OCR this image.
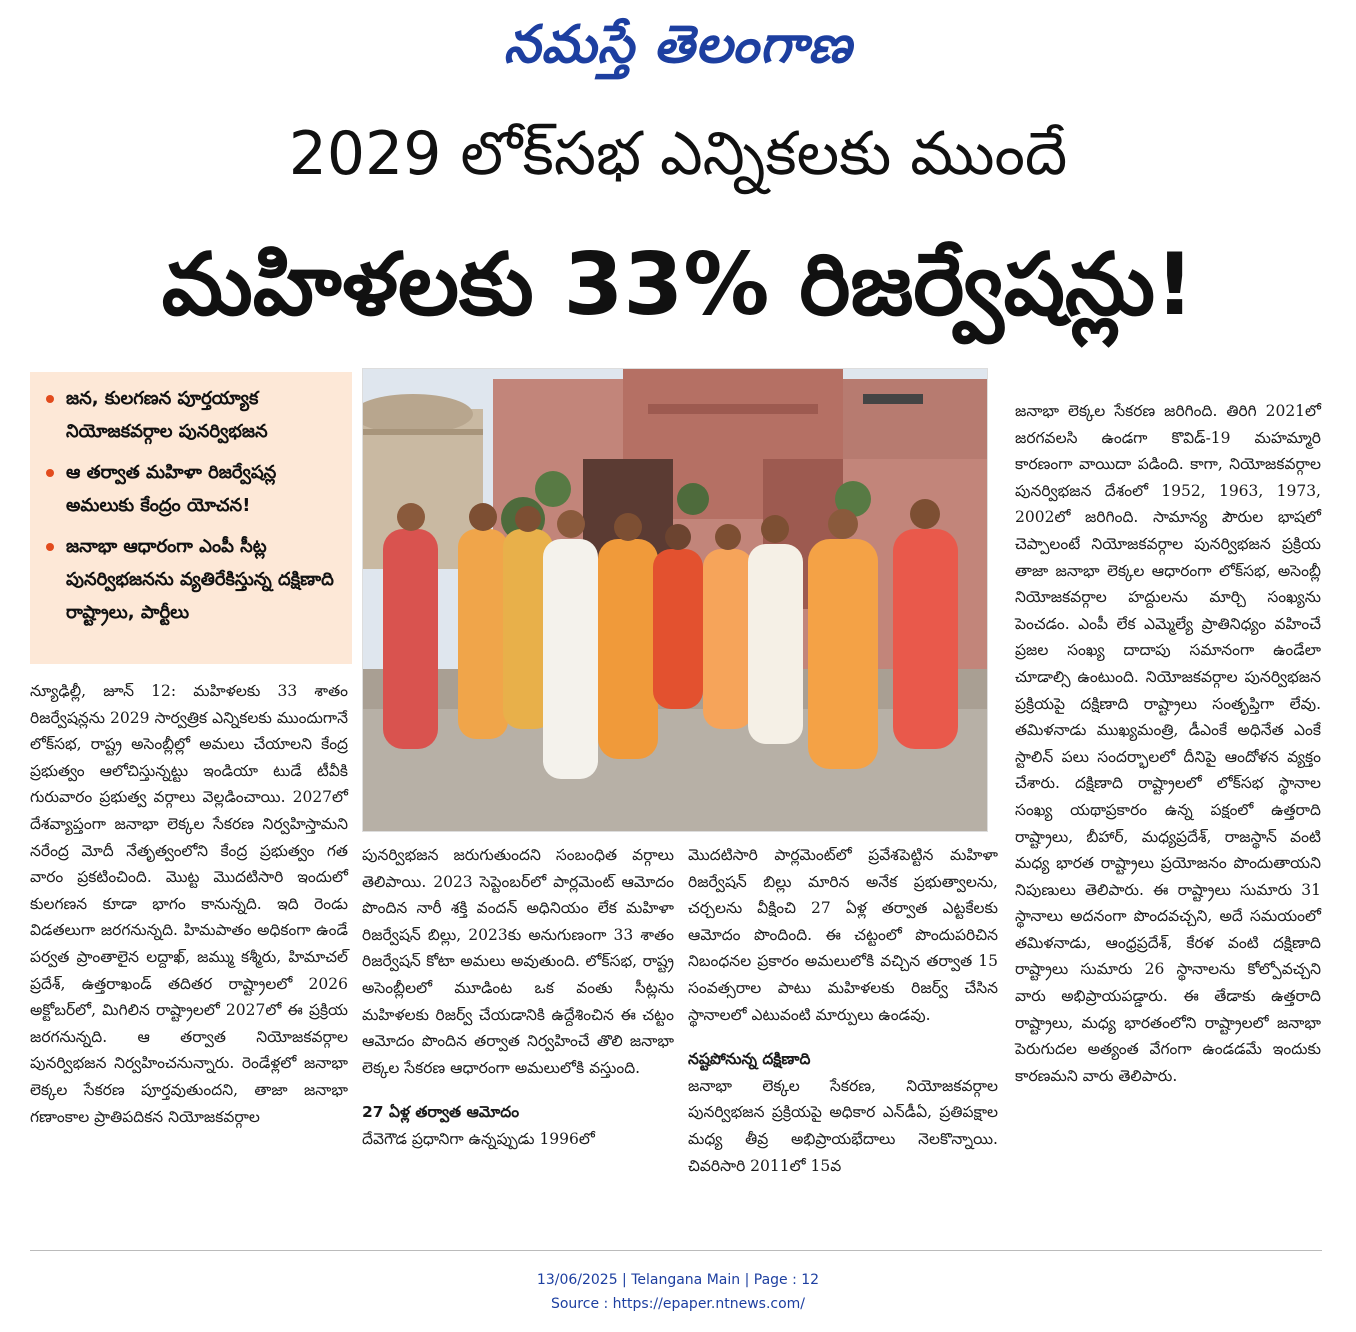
నమస్తే తెలంగాణ
2029 లోక్‌సభ ఎన్నికలకు ముందే
మహిళలకు 33% రిజర్వేషన్లు!
జన, కులగణన పూర్తయ్యాక నియోజకవర్గాల పునర్విభజన
ఆ తర్వాత మహిళా రిజర్వేషన్ల అమలుకు కేంద్రం యోచన!
జనాభా ఆధారంగా ఎంపీ సీట్ల పునర్విభజనను వ్యతిరేకిస్తున్న దక్షిణాది రాష్ట్రాలు, పార్టీలు

న్యూఢిల్లీ, జూన్ 12: మహిళలకు 33 శాతం రిజర్వేషన్లను 2029 సార్వత్రిక ఎన్నికలకు ముందుగానే లోక్‌సభ, రాష్ట్ర అసెంబ్లీల్లో అమలు చేయాలని కేంద్ర ప్రభుత్వం ఆలోచిస్తున్నట్టు ఇండియా టుడే టీవీకి గురువారం ప్రభుత్వ వర్గాలు వెల్లడించాయి. 2027లో దేశవ్యాప్తంగా జనాభా లెక్కల సేకరణ నిర్వహిస్తామని నరేంద్ర మోదీ నేతృత్వంలోని కేంద్ర ప్రభుత్వం గత వారం ప్రకటించింది. మొట్ట మొదటిసారి ఇందులో కులగణన కూడా భాగం కానున్నది. ఇది రెండు విడతలుగా జరగనున్నది. హిమపాతం అధికంగా ఉండే పర్వత ప్రాంతాలైన లద్దాఖ్, జమ్ము కశ్మీరు, హిమాచల్ ప్రదేశ్, ఉత్తరాఖండ్ తదితర రాష్ట్రాలలో 2026 అక్టోబర్‌లో, మిగిలిన రాష్ట్రాలలో 2027లో ఈ ప్రక్రియ జరగనున్నది. ఆ తర్వాత నియోజకవర్గాల పునర్విభజన నిర్వహించనున్నారు. రెండేళ్లలో జనాభా లెక్కల సేకరణ పూర్తవుతుందని, తాజా జనాభా గణాంకాల ప్రాతిపదికన నియోజకవర్గాల

పునర్విభజన జరుగుతుందని సంబంధిత వర్గాలు తెలిపాయి. 2023 సెప్టెంబర్‌లో పార్లమెంట్ ఆమోదం పొందిన నారీ శక్తి వందన్ అధినియం లేక మహిళా రిజర్వేషన్ బిల్లు, 2023కు అనుగుణంగా 33 శాతం రిజర్వేషన్ కోటా అమలు అవుతుంది. లోక్‌సభ, రాష్ట్ర అసెంబ్లీలలో మూడింట ఒక వంతు సీట్లను మహిళలకు రిజర్వ్ చేయడానికి ఉద్దేశించిన ఈ చట్టం ఆమోదం పొందిన తర్వాత నిర్వహించే తొలి జనాభా లెక్కల సేకరణ ఆధారంగా అమలులోకి వస్తుంది.

27 ఏళ్ల తర్వాత ఆమోదం

దేవెగౌడ ప్రధానిగా ఉన్నప్పుడు 1996లో

మొదటిసారి పార్లమెంట్‌లో ప్రవేశపెట్టిన మహిళా రిజర్వేషన్ బిల్లు మారిన అనేక ప్రభుత్వాలను, చర్చలను వీక్షించి 27 ఏళ్ల తర్వాత ఎట్టకేలకు ఆమోదం పొందింది. ఈ చట్టంలో పొందుపరిచిన నిబంధనల ప్రకారం అమలులోకి వచ్చిన తర్వాత 15 సంవత్సరాల పాటు మహిళలకు రిజర్వ్ చేసిన స్థానాలలో ఎటువంటి మార్పులు ఉండవు.

నష్టపోనున్న దక్షిణాది

జనాభా లెక్కల సేకరణ, నియోజకవర్గాల పునర్విభజన ప్రక్రియపై అధికార ఎన్‌డీఏ, ప్రతిపక్షాల మధ్య తీవ్ర అభిప్రాయభేదాలు నెలకొన్నాయి. చివరిసారి 2011లో 15వ

జనాభా లెక్కల సేకరణ జరిగింది. తిరిగి 2021లో జరగవలసి ఉండగా కొవిడ్-19 మహమ్మారి కారణంగా వాయిదా పడింది. కాగా, నియోజకవర్గాల పునర్విభజన దేశంలో 1952, 1963, 1973, 2002లో జరిగింది. సామాన్య పౌరుల భాషలో చెప్పాలంటే నియోజకవర్గాల పునర్విభజన ప్రక్రియ తాజా జనాభా లెక్కల ఆధారంగా లోక్‌సభ, అసెంబ్లీ నియోజకవర్గాల హద్దులను మార్చి సంఖ్యను పెంచడం. ఎంపీ లేక ఎమ్మెల్యే ప్రాతినిధ్యం వహించే ప్రజల సంఖ్య దాదాపు సమానంగా ఉండేలా చూడాల్సి ఉంటుంది. నియోజకవర్గాల పునర్విభజన ప్రక్రియపై దక్షిణాది రాష్ట్రాలు సంతృప్తిగా లేవు. తమిళనాడు ముఖ్యమంత్రి, డీఎంకే అధినేత ఎంకే స్టాలిన్ పలు సందర్భాలలో దీనిపై ఆందోళన వ్యక్తం చేశారు. దక్షిణాది రాష్ట్రాలలో లోక్‌సభ స్థానాల సంఖ్య యథాప్రకారం ఉన్న పక్షంలో ఉత్తరాది రాష్ట్రాలు, బీహార్, మధ్యప్రదేశ్, రాజస్థాన్ వంటి మధ్య భారత రాష్ట్రాలు ప్రయోజనం పొందుతాయని నిపుణులు తెలిపారు. ఈ రాష్ట్రాలు సుమారు 31 స్థానాలు అదనంగా పొందవచ్చని, అదే సమయంలో తమిళనాడు, ఆంధ్రప్రదేశ్, కేరళ వంటి దక్షిణాది రాష్ట్రాలు సుమారు 26 స్థానాలను కోల్పోవచ్చని వారు అభిప్రాయపడ్డారు. ఈ తేడాకు ఉత్తరాది రాష్ట్రాలు, మధ్య భారతంలోని రాష్ట్రాలలో జనాభా పెరుగుదల అత్యంత వేగంగా ఉండడమే ఇందుకు కారణమని వారు తెలిపారు.

13/06/2025 | Telangana Main | Page : 12
Source : https://epaper.ntnews.com/
